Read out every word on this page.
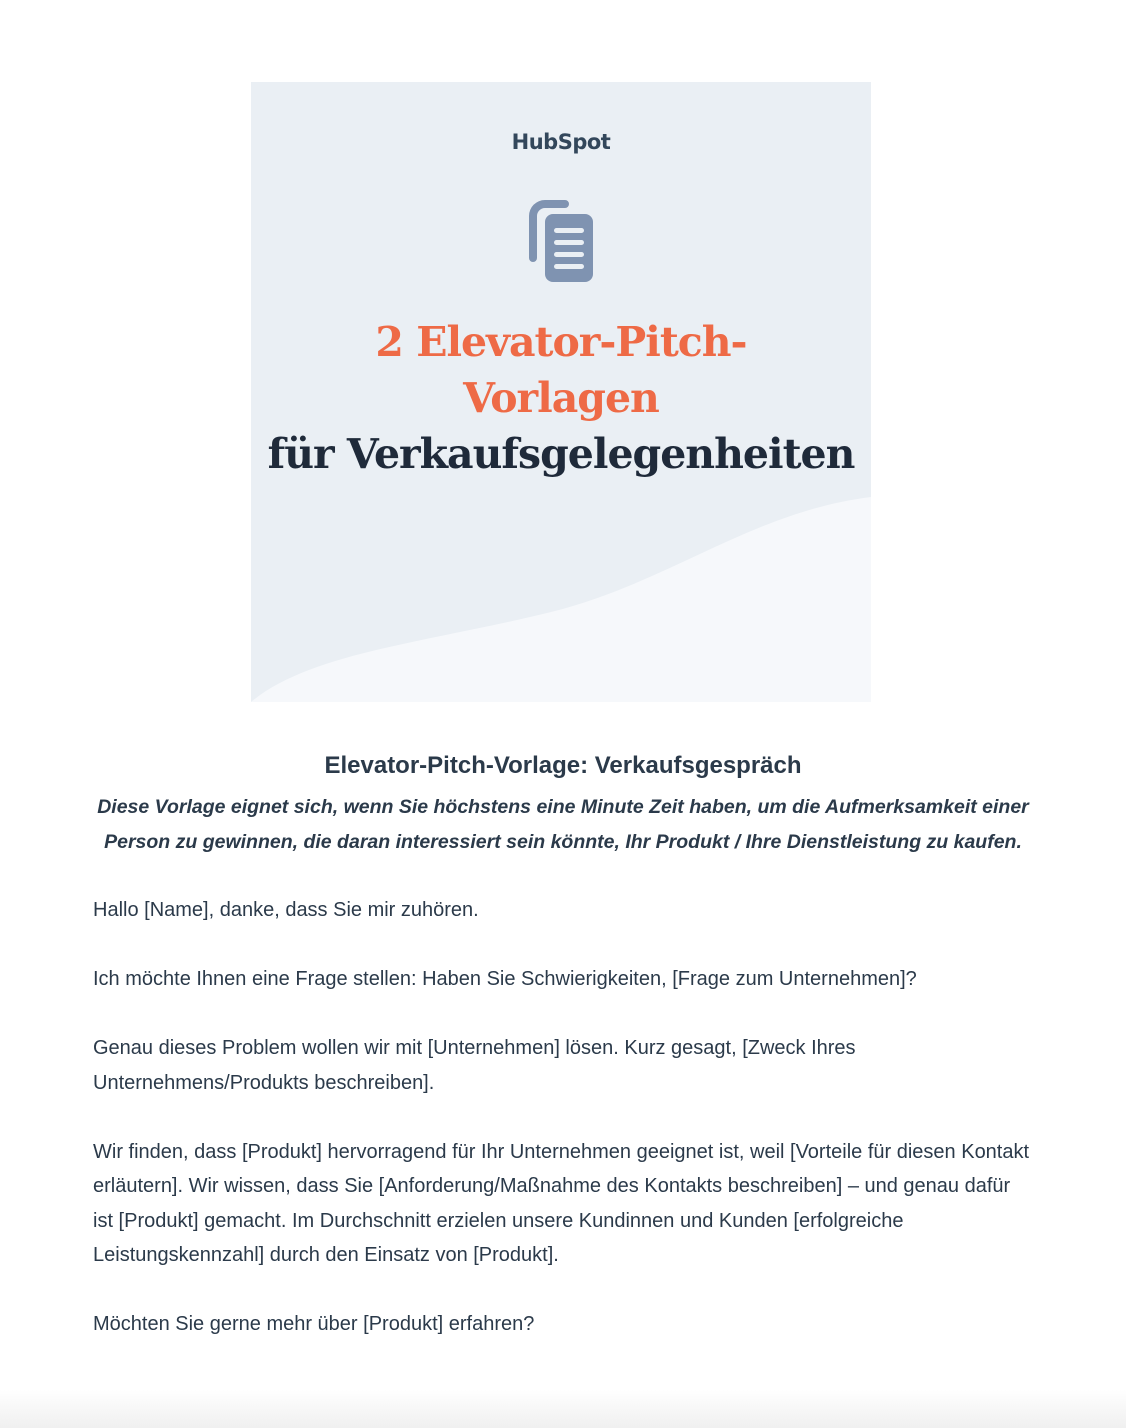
HubSpot
2 Elevator-Pitch-
Vorlagen
für Verkaufsgelegenheiten
Elevator-Pitch-Vorlage: Verkaufsgespräch

Diese Vorlage eignet sich, wenn Sie höchstens eine Minute Zeit haben, um die Aufmerksamkeit einer Person zu gewinnen, die daran interessiert sein könnte, Ihr Produkt / Ihre Dienstleistung zu kaufen.

Hallo [Name], danke, dass Sie mir zuhören.

Ich möchte Ihnen eine Frage stellen: Haben Sie Schwierigkeiten, [Frage zum Unternehmen]?

Genau dieses Problem wollen wir mit [Unternehmen] lösen. Kurz gesagt, [Zweck Ihres Unternehmens/Produkts beschreiben].

Wir finden, dass [Produkt] hervorragend für Ihr Unternehmen geeignet ist, weil [Vorteile für diesen Kontakt erläutern]. Wir wissen, dass Sie [Anforderung/Maßnahme des Kontakts beschreiben] – und genau dafür ist [Produkt] gemacht. Im Durchschnitt erzielen unsere Kundinnen und Kunden [erfolgreiche Leistungskennzahl] durch den Einsatz von [Produkt].

Möchten Sie gerne mehr über [Produkt] erfahren?
